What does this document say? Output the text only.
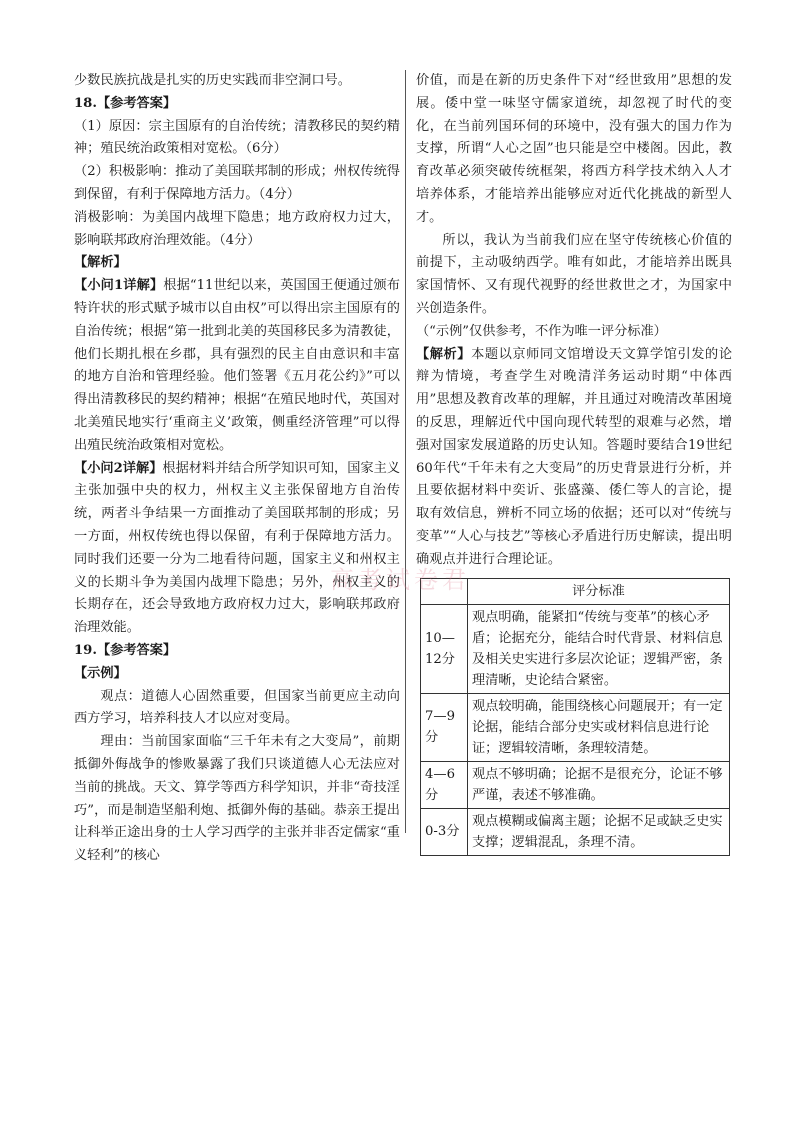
少数民族抗战是扎实的历史实践而非空洞口号。

18.【参考答案】

（1）原因：宗主国原有的自治传统；清教移民的契约精神；殖民统治政策相对宽松。（6分）

（2）积极影响：推动了美国联邦制的形成；州权传统得到保留，有利于保障地方活力。（4分）

消极影响：为美国内战埋下隐患；地方政府权力过大，影响联邦政府治理效能。（4分）

【解析】

【小问1详解】根据“11世纪以来，英国国王便通过颁布特许状的形式赋予城市以自由权”可以得出宗主国原有的自治传统；根据“第一批到北美的英国移民多为清教徒，他们长期扎根在乡郡，具有强烈的民主自由意识和丰富的地方自治和管理经验。他们签署《五月花公约》”可以得出清教移民的契约精神；根据“在殖民地时代，英国对北美殖民地实行‘重商主义’政策，侧重经济管理”可以得出殖民统治政策相对宽松。

【小问2详解】根据材料并结合所学知识可知，国家主义主张加强中央的权力，州权主义主张保留地方自治传统，两者斗争结果一方面推动了美国联邦制的形成；另一方面，州权传统也得以保留，有利于保障地方活力。同时我们还要一分为二地看待问题，国家主义和州权主义的长期斗争为美国内战埋下隐患；另外，州权主义的长期存在，还会导致地方政府权力过大，影响联邦政府治理效能。

19.【参考答案】

【示例】

观点：道德人心固然重要，但国家当前更应主动向西方学习，培养科技人才以应对变局。

理由：当前国家面临“三千年未有之大变局”，前期抵御外侮战争的惨败暴露了我们只谈道德人心无法应对当前的挑战。天文、算学等西方科学知识，并非“奇技淫巧”，而是制造坚船利炮、抵御外侮的基础。恭亲王提出让科举正途出身的士人学习西学的主张并非否定儒家“重义轻利”的核心

价值，而是在新的历史条件下对“经世致用”思想的发展。倭中堂一味坚守儒家道统，却忽视了时代的变化，在当前列国环伺的环境中，没有强大的国力作为支撑，所谓“人心之固”也只能是空中楼阁。因此，教育改革必须突破传统框架，将西方科学技术纳入人才培养体系，才能培养出能够应对近代化挑战的新型人才。

所以，我认为当前我们应在坚守传统核心价值的前提下，主动吸纳西学。唯有如此，才能培养出既具家国情怀、又有现代视野的经世救世之才，为国家中兴创造条件。

（“示例”仅供参考，不作为唯一评分标准）

【解析】本题以京师同文馆增设天文算学馆引发的论辩为情境，考查学生对晚清洋务运动时期“中体西用”思想及教育改革的理解，并且通过对晚清改革困境的反思，理解近代中国向现代转型的艰难与必然，增强对国家发展道路的历史认知。答题时要结合19世纪60年代“千年未有之大变局”的历史背景进行分析，并且要依据材料中奕䜣、张盛藻、倭仁等人的言论，提取有效信息，辨析不同立场的依据；还可以对“传统与变革”“人心与技艺”等核心矛盾进行历史解读，提出明确观点并进行合理论证。

	评分标准
10—12分	观点明确，能紧扣“传统与变革”的核心矛盾；论据充分，能结合时代背景、材料信息及相关史实进行多层次论证；逻辑严密，条理清晰，史论结合紧密。
7—9分	观点较明确，能围绕核心问题展开；有一定论据，能结合部分史实或材料信息进行论证；逻辑较清晰，条理较清楚。
4—6分	观点不够明确；论据不是很充分，论证不够严谨，表述不够准确。
0-3分	观点模糊或偏离主题；论据不足或缺乏史实支撑；逻辑混乱，条理不清。
高考试卷君
